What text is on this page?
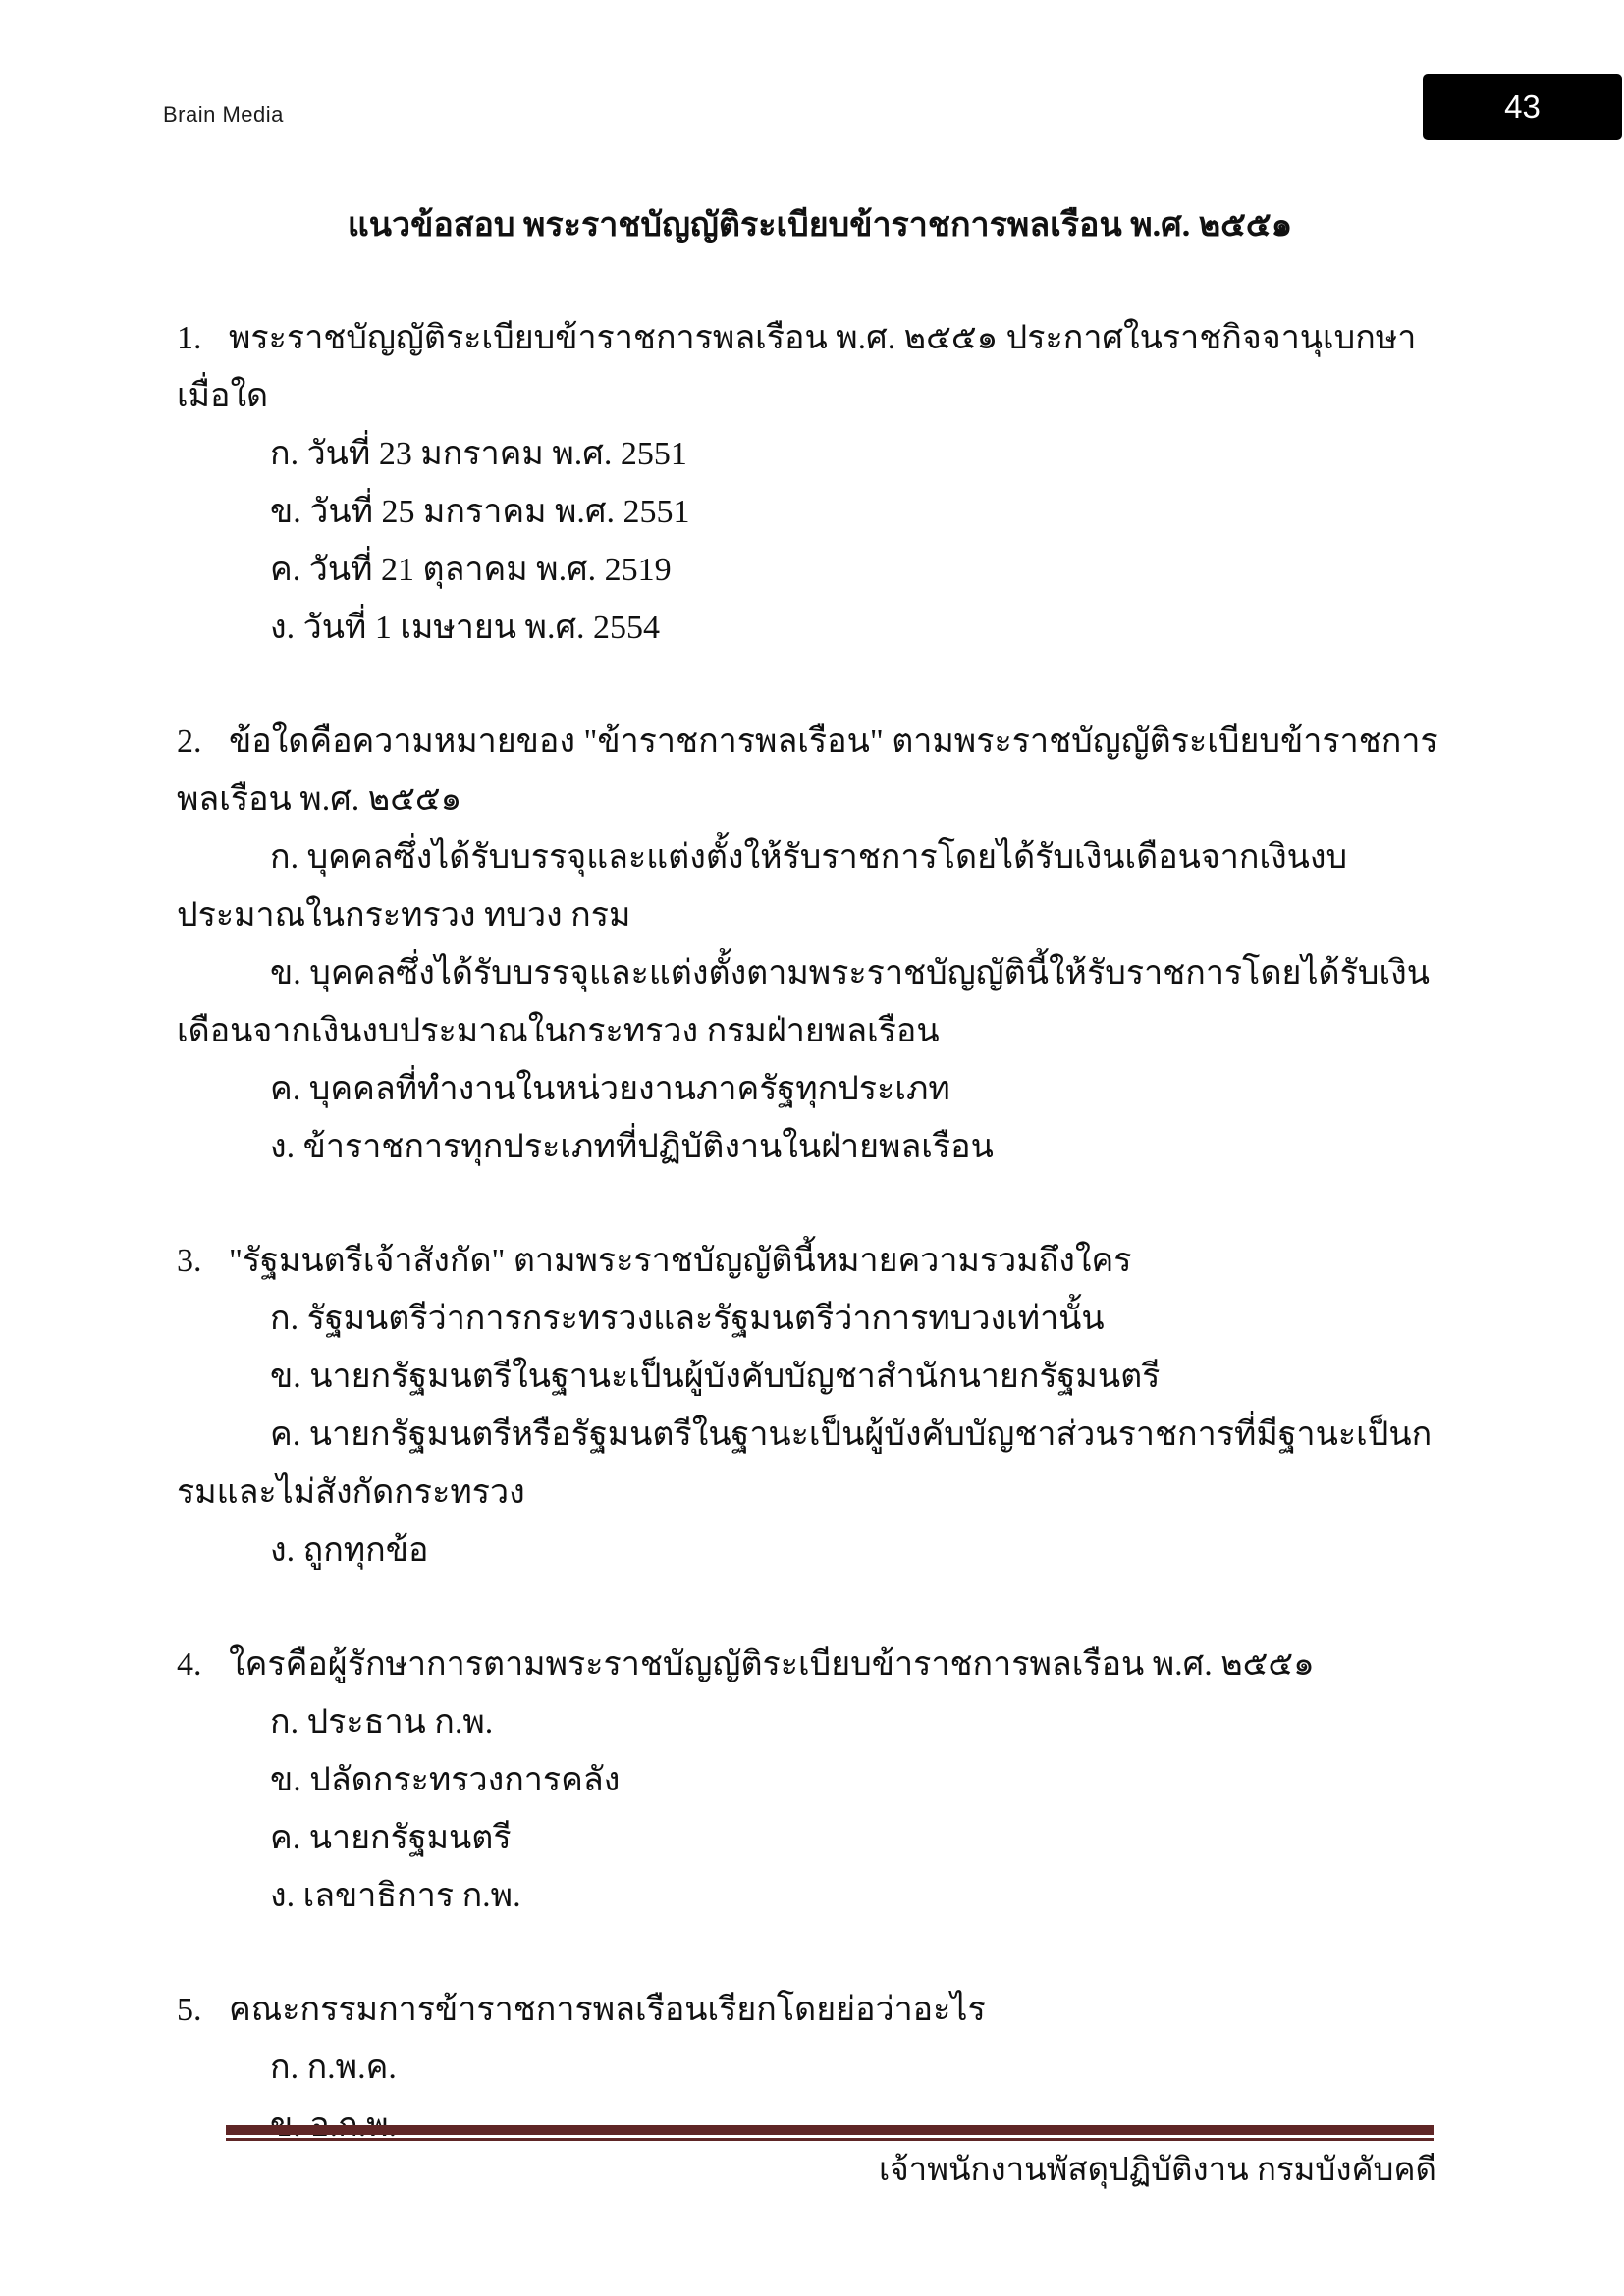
Brain Media	43
แนวข้อสอบ พระราชบัญญัติระเบียบข้าราชการพลเรือน พ.ศ. ๒๕๕๑

1. พระราชบัญญัติระเบียบข้าราชการพลเรือน พ.ศ. ๒๕๕๑ ประกาศในราชกิจจานุเบกษาเมื่อใด

ก. วันที่ 23 มกราคม พ.ศ. 2551

ข. วันที่ 25 มกราคม พ.ศ. 2551

ค. วันที่ 21 ตุลาคม พ.ศ. 2519

ง. วันที่ 1 เมษายน พ.ศ. 2554

2. ข้อใดคือความหมายของ "ข้าราชการพลเรือน" ตามพระราชบัญญัติระเบียบข้าราชการพลเรือน พ.ศ. ๒๕๕๑

ก. บุคคลซึ่งได้รับบรรจุและแต่งตั้งให้รับราชการโดยได้รับเงินเดือนจากเงินงบประมาณในกระทรวง ทบวง กรม

ข. บุคคลซึ่งได้รับบรรจุและแต่งตั้งตามพระราชบัญญัตินี้ให้รับราชการโดยได้รับเงินเดือนจากเงินงบประมาณในกระทรวง กรมฝ่ายพลเรือน

ค. บุคคลที่ทำงานในหน่วยงานภาครัฐทุกประเภท

ง. ข้าราชการทุกประเภทที่ปฏิบัติงานในฝ่ายพลเรือน

3. "รัฐมนตรีเจ้าสังกัด" ตามพระราชบัญญัตินี้หมายความรวมถึงใคร

ก. รัฐมนตรีว่าการกระทรวงและรัฐมนตรีว่าการทบวงเท่านั้น

ข. นายกรัฐมนตรีในฐานะเป็นผู้บังคับบัญชาสำนักนายกรัฐมนตรี

ค. นายกรัฐมนตรีหรือรัฐมนตรีในฐานะเป็นผู้บังคับบัญชาส่วนราชการที่มีฐานะเป็นกรมและไม่สังกัดกระทรวง

ง. ถูกทุกข้อ

4. ใครคือผู้รักษาการตามพระราชบัญญัติระเบียบข้าราชการพลเรือน พ.ศ. ๒๕๕๑

ก. ประธาน ก.พ.

ข. ปลัดกระทรวงการคลัง

ค. นายกรัฐมนตรี

ง. เลขาธิการ ก.พ.

5. คณะกรรมการข้าราชการพลเรือนเรียกโดยย่อว่าอะไร

ก. ก.พ.ค.

เจ้าพนักงานพัสดุปฏิบัติงาน กรมบังคับคดี
